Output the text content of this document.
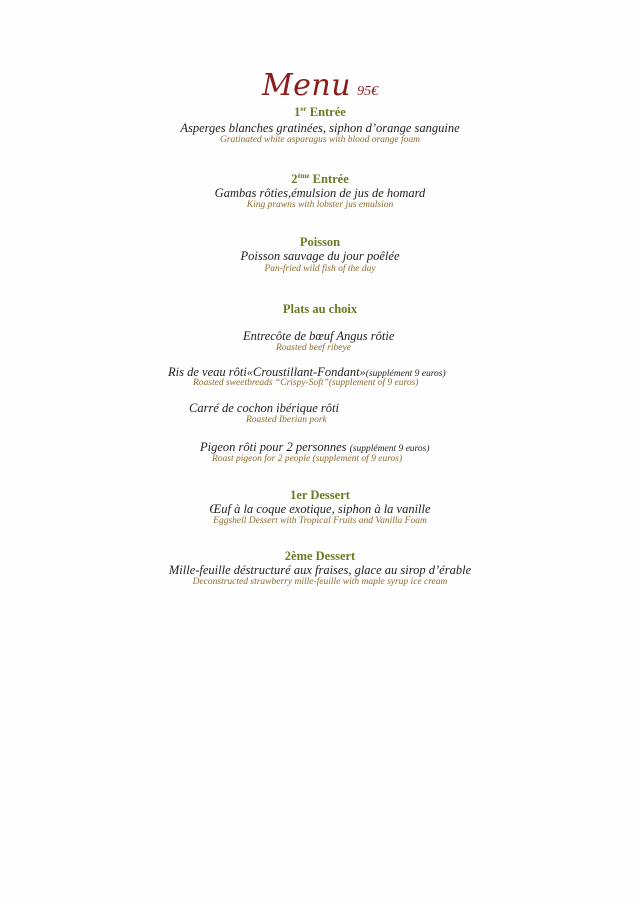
Menu 95€
1er Entrée
Asperges blanches gratinées, siphon d’orange sanguine
Gratinated white asparagus with blood orange foam
2ème Entrée
Gambas rôties,émulsion de jus de homard
King prawns with lobster jus emulsion
Poisson
Poisson sauvage du jour poêlée
Pan-fried wild fish of the day
Plats au choix
Entrecôte de bœuf Angus rôtie
Roasted beef ribeye
Ris de veau rôti«Croustillant-Fondant»(supplément 9 euros)
Roasted sweetbreads “Crispy-Soft”(supplement of 9 euros)
Carré de cochon ibérique rôti
Roasted Iberian pork
Pigeon rôti pour 2 personnes (supplément 9 euros)
Roast pigeon for 2 people (supplement of 9 euros)
1er Dessert
Œuf à la coque exotique, siphon à la vanille
Eggshell Dessert with Tropical Fruits and Vanilla Foam
2ème Dessert
Mille-feuille déstructuré aux fraises, glace au sirop d’érable
Deconstructed strawberry mille-feuille with maple syrup ice cream
